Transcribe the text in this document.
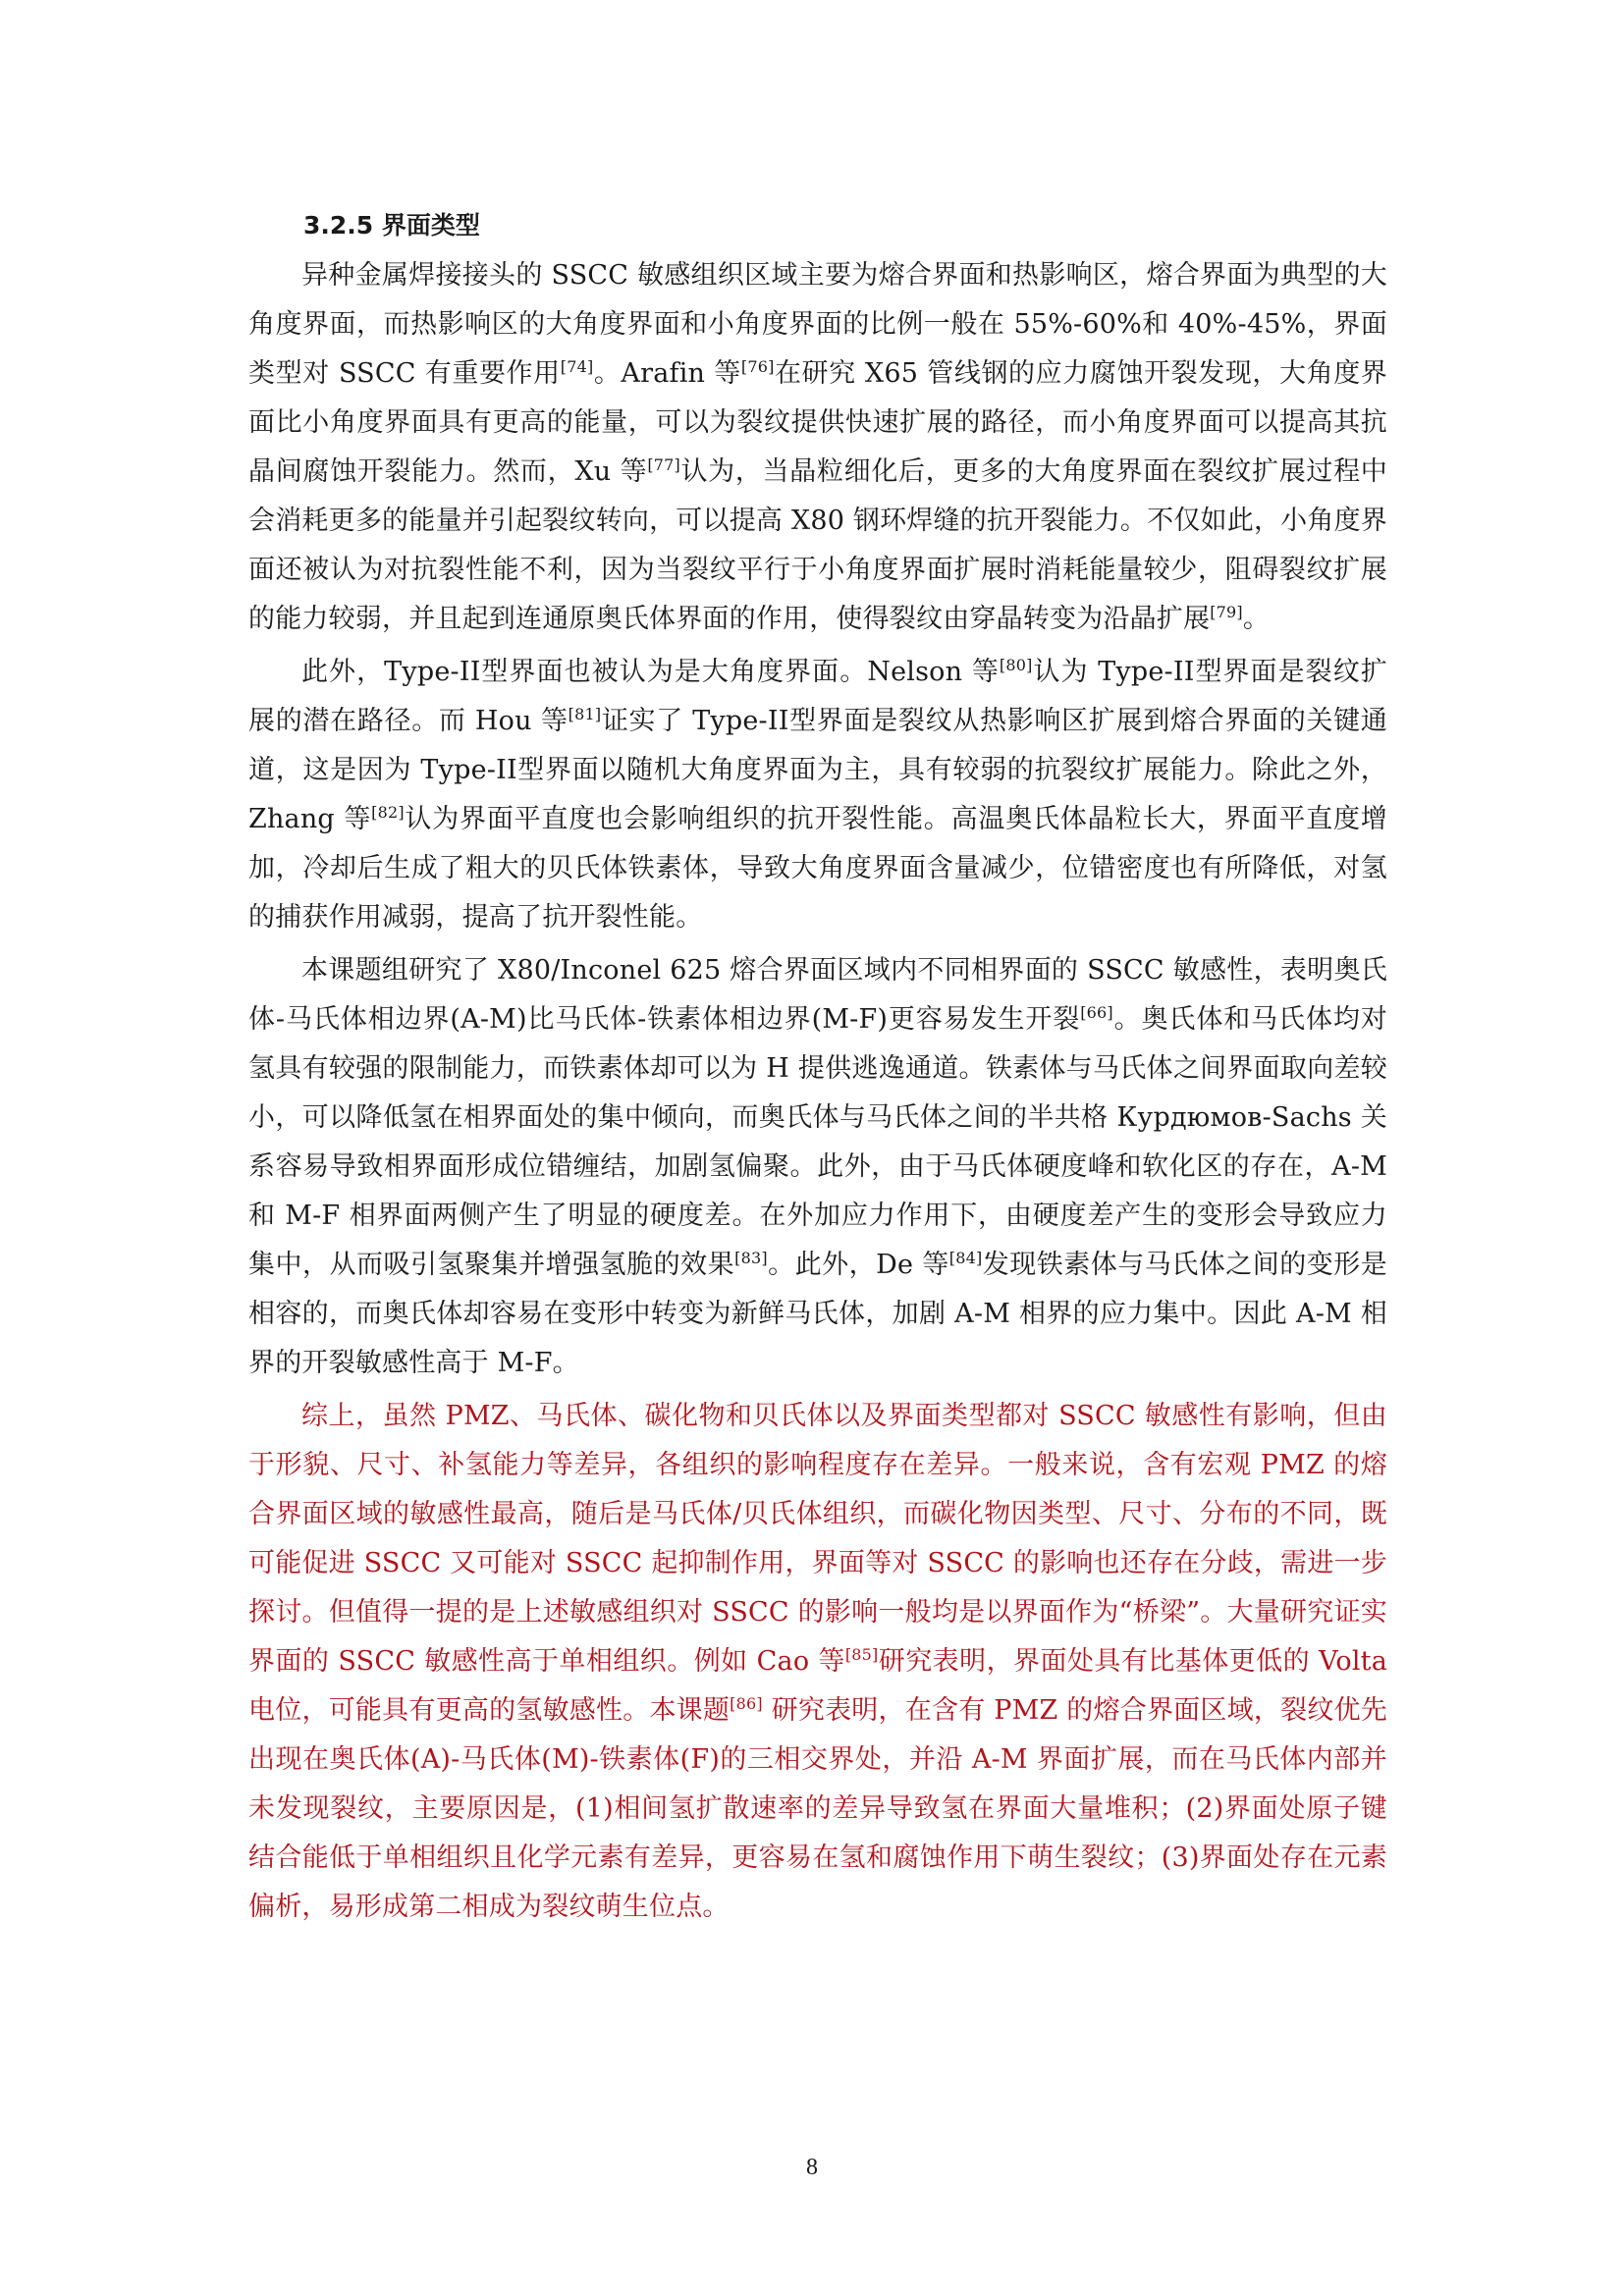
3.2.5 界面类型

异种金属焊接接头的 SSCC 敏感组织区域主要为熔合界面和热影响区，熔合界面为典型的大角度界面，而热影响区的大角度界面和小角度界面的比例一般在 55%-60%和 40%-45%，界面类型对 SSCC 有重要作用[74]。Arafin 等[76]在研究 X65 管线钢的应力腐蚀开裂发现，大角度界面比小角度界面具有更高的能量，可以为裂纹提供快速扩展的路径，而小角度界面可以提高其抗晶间腐蚀开裂能力。然而，Xu 等[77]认为，当晶粒细化后，更多的大角度界面在裂纹扩展过程中会消耗更多的能量并引起裂纹转向，可以提高 X80 钢环焊缝的抗开裂能力。不仅如此，小角度界面还被认为对抗裂性能不利，因为当裂纹平行于小角度界面扩展时消耗能量较少，阻碍裂纹扩展的能力较弱，并且起到连通原奥氏体界面的作用，使得裂纹由穿晶转变为沿晶扩展[79]。

此外，Type-II型界面也被认为是大角度界面。Nelson 等[80]认为 Type-II型界面是裂纹扩展的潜在路径。而 Hou 等[81]证实了 Type-II型界面是裂纹从热影响区扩展到熔合界面的关键通道，这是因为 Type-II型界面以随机大角度界面为主，具有较弱的抗裂纹扩展能力。除此之外，Zhang 等[82]认为界面平直度也会影响组织的抗开裂性能。高温奥氏体晶粒长大，界面平直度增加，冷却后生成了粗大的贝氏体铁素体，导致大角度界面含量减少，位错密度也有所降低，对氢的捕获作用减弱，提高了抗开裂性能。

本课题组研究了 X80/Inconel 625 熔合界面区域内不同相界面的 SSCC 敏感性，表明奥氏体-马氏体相边界(A-M)比马氏体-铁素体相边界(M-F)更容易发生开裂[66]。奥氏体和马氏体均对氢具有较强的限制能力，而铁素体却可以为 H 提供逃逸通道。铁素体与马氏体之间界面取向差较小，可以降低氢在相界面处的集中倾向，而奥氏体与马氏体之间的半共格 Курдюмов-Sachs 关系容易导致相界面形成位错缠结，加剧氢偏聚。此外，由于马氏体硬度峰和软化区的存在，A-M 和 M-F 相界面两侧产生了明显的硬度差。在外加应力作用下，由硬度差产生的变形会导致应力集中，从而吸引氢聚集并增强氢脆的效果[83]。此外，De 等[84]发现铁素体与马氏体之间的变形是相容的，而奥氏体却容易在变形中转变为新鲜马氏体，加剧 A-M 相界的应力集中。因此 A-M 相界的开裂敏感性高于 M-F。

综上，虽然 PMZ、马氏体、碳化物和贝氏体以及界面类型都对 SSCC 敏感性有影响，但由于形貌、尺寸、补氢能力等差异，各组织的影响程度存在差异。一般来说，含有宏观 PMZ 的熔合界面区域的敏感性最高，随后是马氏体/贝氏体组织，而碳化物因类型、尺寸、分布的不同，既可能促进 SSCC 又可能对 SSCC 起抑制作用，界面等对 SSCC 的影响也还存在分歧，需进一步探讨。但值得一提的是上述敏感组织对 SSCC 的影响一般均是以界面作为“桥梁”。大量研究证实界面的 SSCC 敏感性高于单相组织。例如 Cao 等[85]研究表明，界面处具有比基体更低的 Volta 电位，可能具有更高的氢敏感性。本课题[86] 研究表明，在含有 PMZ 的熔合界面区域，裂纹优先出现在奥氏体(A)-马氏体(M)-铁素体(F)的三相交界处，并沿 A-M 界面扩展，而在马氏体内部并未发现裂纹，主要原因是，(1)相间氢扩散速率的差异导致氢在界面大量堆积；(2)界面处原子键结合能低于单相组织且化学元素有差异，更容易在氢和腐蚀作用下萌生裂纹；(3)界面处存在元素偏析，易形成第二相成为裂纹萌生位点。

8
